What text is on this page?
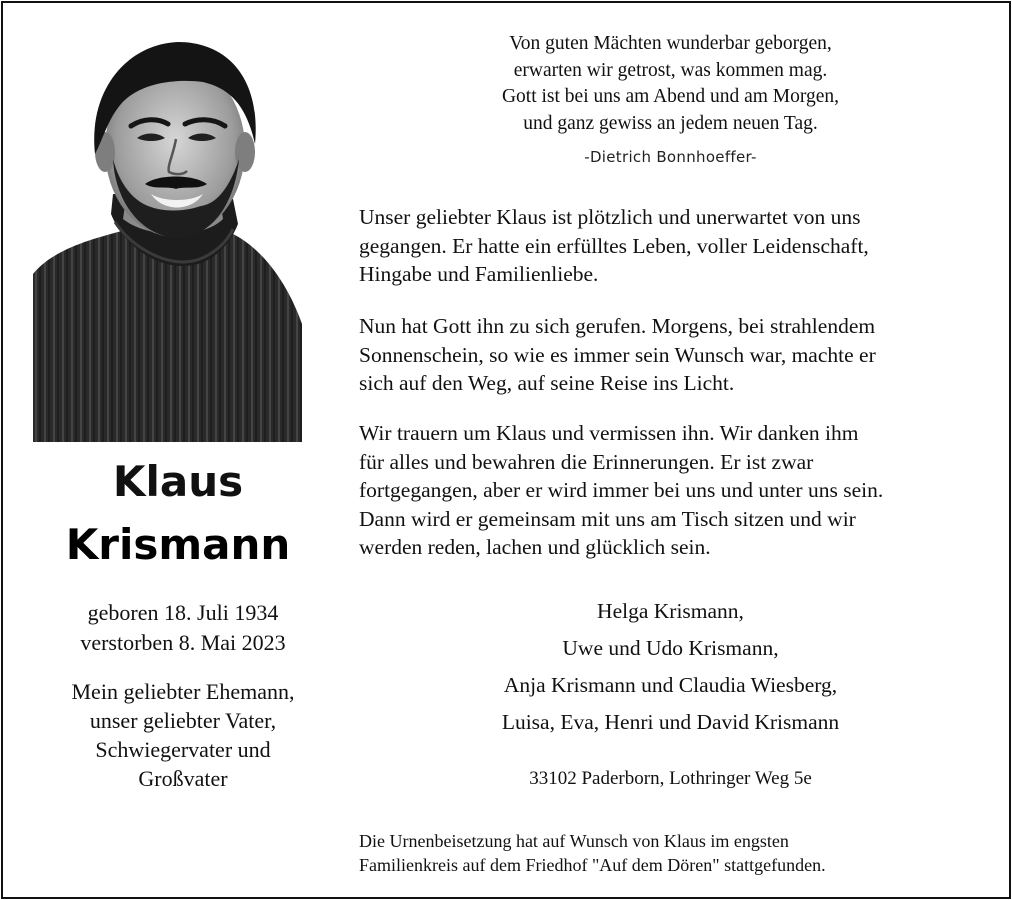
Klaus
Krismann
geboren 18. Juli 1934
verstorben 8. Mai 2023
Mein geliebter Ehemann,
unser geliebter Vater,
Schwiegervater und
Großvater
Von guten Mächten wunderbar geborgen,
erwarten wir getrost, was kommen mag.
Gott ist bei uns am Abend und am Morgen,
und ganz gewiss an jedem neuen Tag.
-Dietrich Bonnhoeffer-

Unser geliebter Klaus ist plötzlich und unerwartet von uns
gegangen. Er hatte ein erfülltes Leben, voller Leidenschaft,
Hingabe und Familienliebe.

Nun hat Gott ihn zu sich gerufen. Morgens, bei strahlendem
Sonnenschein, so wie es immer sein Wunsch war, machte er
sich auf den Weg, auf seine Reise ins Licht.

Wir trauern um Klaus und vermissen ihn. Wir danken ihm
für alles und bewahren die Erinnerungen. Er ist zwar
fortgegangen, aber er wird immer bei uns und unter uns sein.
Dann wird er gemeinsam mit uns am Tisch sitzen und wir
werden reden, lachen und glücklich sein.

Helga Krismann,
Uwe und Udo Krismann,
Anja Krismann und Claudia Wiesberg,
Luisa, Eva, Henri und David Krismann
33102 Paderborn, Lothringer Weg 5e
Die Urnenbeisetzung hat auf Wunsch von Klaus im engsten
Familienkreis auf dem Friedhof "Auf dem Dören" stattgefunden.
